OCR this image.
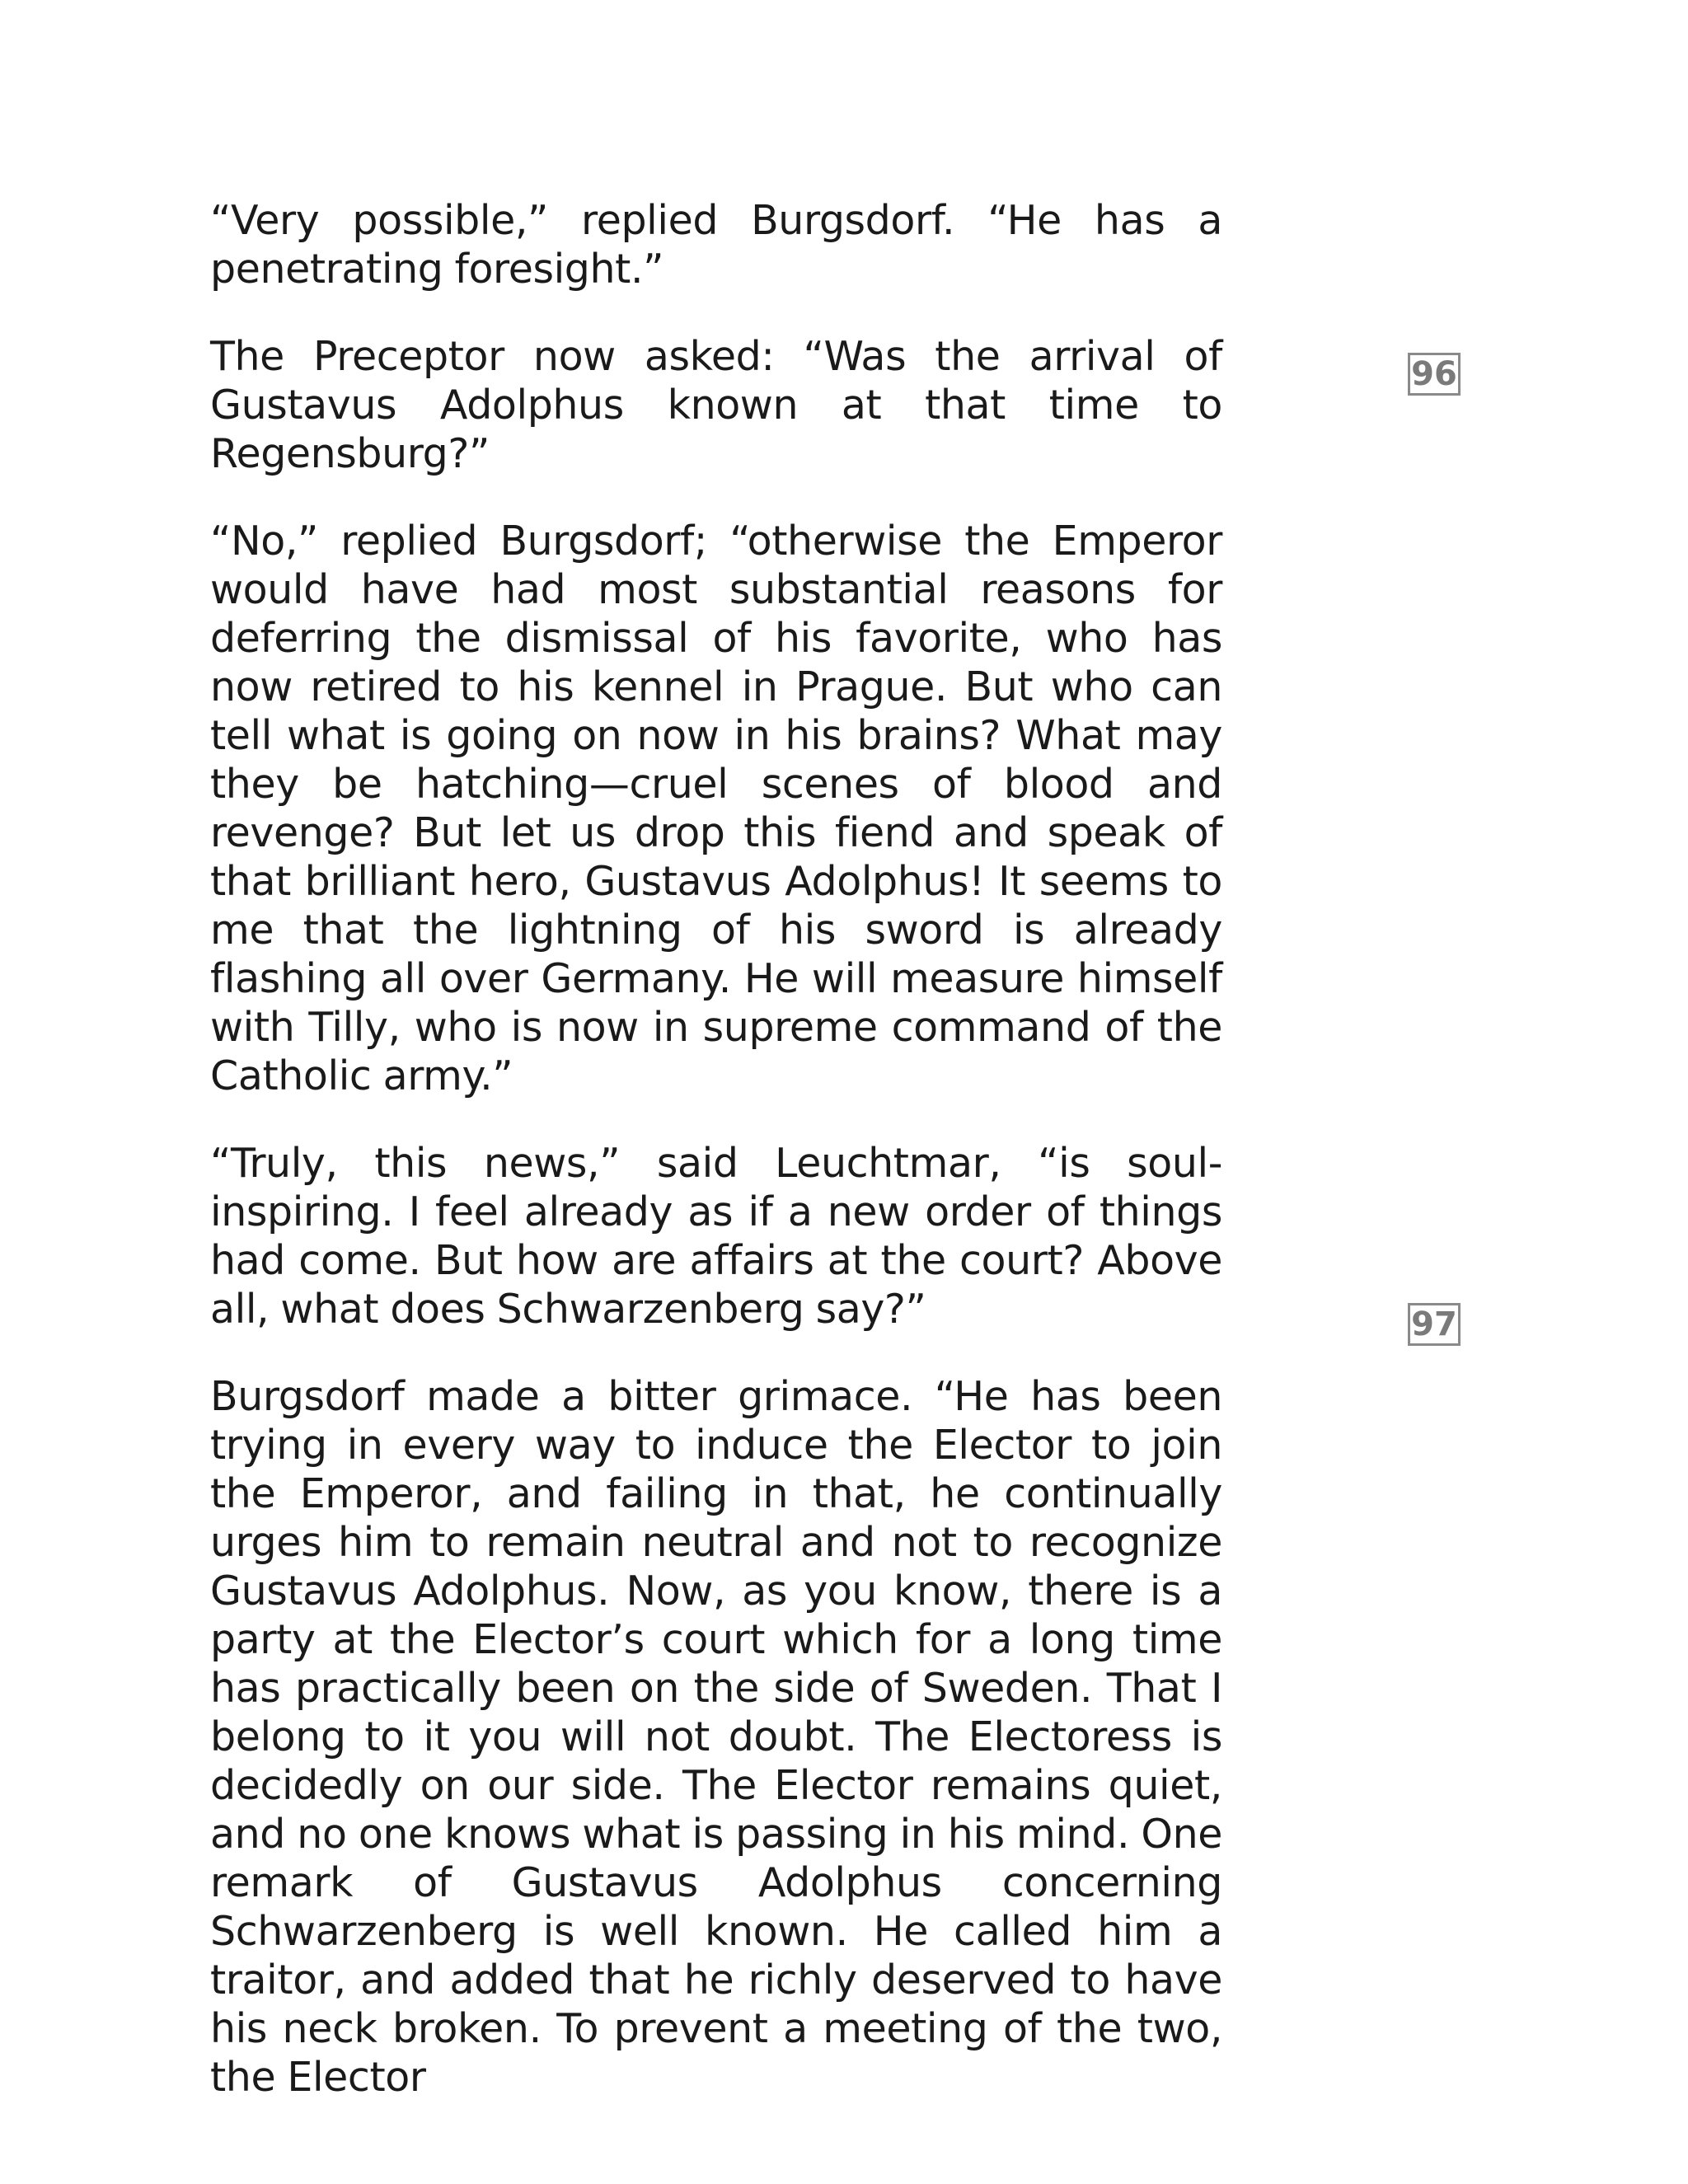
“Very possible,” replied Burgsdorf. “He has a penetrating foresight.”

The Preceptor now asked: “Was the arrival of Gustavus Adolphus known at that time to Regensburg?”

“No,” replied Burgsdorf; “otherwise the Emperor would have had most substantial reasons for deferring the dismissal of his favorite, who has now retired to his kennel in Prague. But who can tell what is going on now in his brains? What may they be hatching—cruel scenes of blood and revenge? But let us drop this fiend and speak of that brilliant hero, Gustavus Adolphus! It seems to me that the lightning of his sword is already flashing all over Germany. He will measure himself with Tilly, who is now in supreme command of the Catholic army.”

“Truly, this news,” said Leuchtmar, “is soul-inspiring. I feel already as if a new order of things had come. But how are affairs at the court? Above all, what does Schwarzenberg say?”

Burgsdorf made a bitter grimace. “He has been trying in every way to induce the Elector to join the Emperor, and failing in that, he continually urges him to remain neutral and not to recognize Gustavus Adolphus. Now, as you know, there is a party at the Elector’s court which for a long time has practically been on the side of Sweden. That I belong to it you will not doubt. The Electoress is decidedly on our side. The Elector remains quiet, and no one knows what is passing in his mind. One remark of Gustavus Adolphus concerning Schwarzenberg is well known. He called him a traitor, and added that he richly deserved to have his neck broken. To prevent a meeting of the two, the Elector

96
97
